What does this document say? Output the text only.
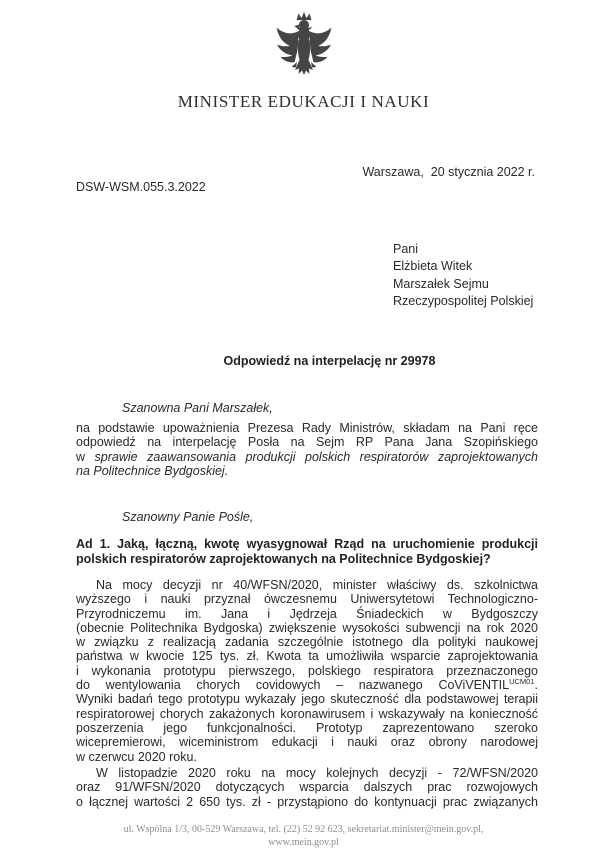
MINISTER EDUKACJI I NAUKI
Warszawa,  20 stycznia 2022 r.
DSW-WSM.055.3.2022
Pani
Elżbieta Witek
Marszałek Sejmu
Rzeczypospolitej Polskiej
Odpowiedź na interpelację nr 29978
Szanowna Pani Marszałek,
na podstawie upoważnienia Prezesa Rady Ministrów, składam na Pani ręce
odpowiedź na interpelację Posła na Sejm RP Pana Jana Szopińskiego
w sprawie zaawansowania produkcji polskich respiratorów zaprojektowanych
na Politechnice Bydgoskiej.
Szanowny Panie Pośle,
Ad 1. Jaką, łączną, kwotę wyasygnował Rząd na uruchomienie produkcji
polskich respiratorów zaprojektowanych na Politechnice Bydgoskiej?
Na mocy decyzji nr 40/WFSN/2020, minister właściwy ds. szkolnictwa
wyższego i nauki przyznał ówczesnemu Uniwersytetowi Technologiczno-
Przyrodniczemu im. Jana i Jędrzeja Śniadeckich w Bydgoszczy
(obecnie Politechnika Bydgoska) zwiększenie wysokości subwencji na rok 2020
w związku z realizacją zadania szczególnie istotnego dla polityki naukowej
państwa w kwocie 125 tys. zł. Kwota ta umożliwiła wsparcie zaprojektowania
i wykonania prototypu pierwszego, polskiego respiratora przeznaczonego
do wentylowania chorych covidowych – nazwanego CoViVENTIL$^{UCM01}$.
Wyniki badań tego prototypu wykazały jego skuteczność dla podstawowej terapii
respiratorowej chorych zakażonych koronawirusem i wskazywały na konieczność
poszerzenia jego funkcjonalności. Prototyp zaprezentowano szeroko
wicepremierowi, wiceministrom edukacji i nauki oraz obrony narodowej
w czerwcu 2020 roku.
W listopadzie 2020 roku na mocy kolejnych decyzji - 72/WFSN/2020
oraz 91/WFSN/2020 dotyczących wsparcia dalszych prac rozwojowych
o łącznej wartości 2 650 tys. zł - przystąpiono do kontynuacji prac związanych
ul. Wspólna 1/3, 00-529 Warszawa, tel. (22) 52 92 623, sekretariat.minister@mein.gov.pl,
www.mein.gov.pl
